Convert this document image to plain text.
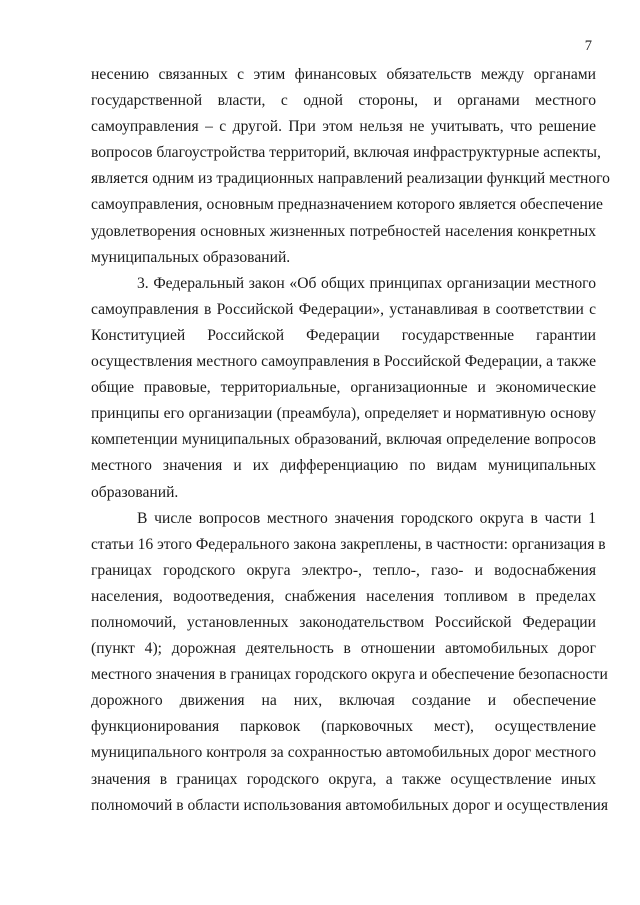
7
несению связанных с этим финансовых обязательств между органами
государственной власти, с одной стороны, и органами местного
самоуправления – с другой. При этом нельзя не учитывать, что решение
вопросов благоустройства территорий, включая инфраструктурные аспекты,
является одним из традиционных направлений реализации функций местного
самоуправления, основным предназначением которого является обеспечение
удовлетворения основных жизненных потребностей населения конкретных
муниципальных образований.
3. Федеральный закон «Об общих принципах организации местного
самоуправления в Российской Федерации», устанавливая в соответствии с
Конституцией Российской Федерации государственные гарантии
осуществления местного самоуправления в Российской Федерации, а также
общие правовые, территориальные, организационные и экономические
принципы его организации (преамбула), определяет и нормативную основу
компетенции муниципальных образований, включая определение вопросов
местного значения и их дифференциацию по видам муниципальных
образований.
В числе вопросов местного значения городского округа в части 1
статьи 16 этого Федерального закона закреплены, в частности: организация в
границах городского округа электро-, тепло-, газо- и водоснабжения
населения, водоотведения, снабжения населения топливом в пределах
полномочий, установленных законодательством Российской Федерации
(пункт 4); дорожная деятельность в отношении автомобильных дорог
местного значения в границах городского округа и обеспечение безопасности
дорожного движения на них, включая создание и обеспечение
функционирования парковок (парковочных мест), осуществление
муниципального контроля за сохранностью автомобильных дорог местного
значения в границах городского округа, а также осуществление иных
полномочий в области использования автомобильных дорог и осуществления
